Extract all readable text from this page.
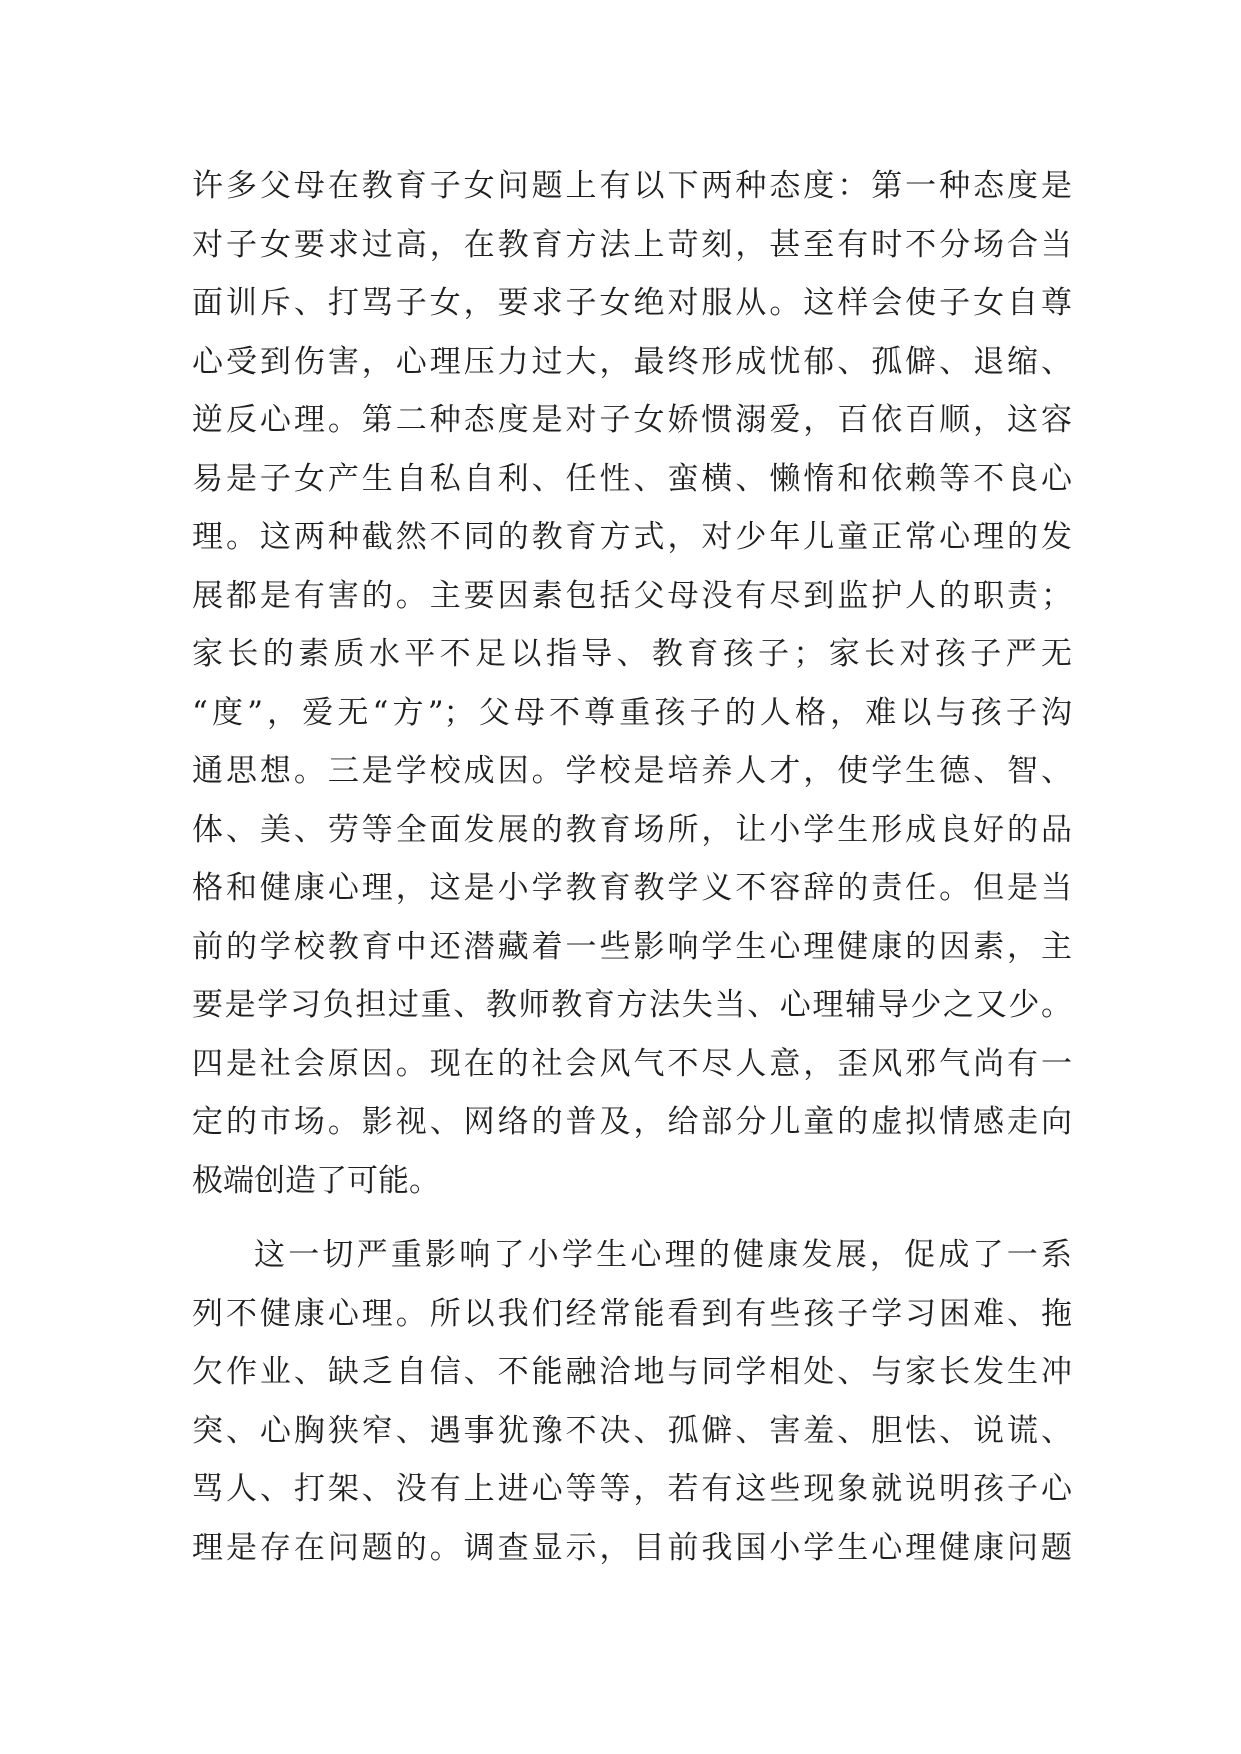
许多父母在教育子女问题上有以下两种态度：第一种态度是
对子女要求过高，在教育方法上苛刻，甚至有时不分场合当
面训斥、打骂子女，要求子女绝对服从。这样会使子女自尊
心受到伤害，心理压力过大，最终形成忧郁、孤僻、退缩、
逆反心理。第二种态度是对子女娇惯溺爱，百依百顺，这容
易是子女产生自私自利、任性、蛮横、懒惰和依赖等不良心
理。这两种截然不同的教育方式，对少年儿童正常心理的发
展都是有害的。主要因素包括父母没有尽到监护人的职责；
家长的素质水平不足以指导、教育孩子；家长对孩子严无
“度”，爱无“方”；父母不尊重孩子的人格，难以与孩子沟
通思想。三是学校成因。学校是培养人才，使学生德、智、
体、美、劳等全面发展的教育场所，让小学生形成良好的品
格和健康心理，这是小学教育教学义不容辞的责任。但是当
前的学校教育中还潜藏着一些影响学生心理健康的因素，主
要是学习负担过重、教师教育方法失当、心理辅导少之又少。
四是社会原因。现在的社会风气不尽人意，歪风邪气尚有一
定的市场。影视、网络的普及，给部分儿童的虚拟情感走向
极端创造了可能。
这一切严重影响了小学生心理的健康发展，促成了一系
列不健康心理。所以我们经常能看到有些孩子学习困难、拖
欠作业、缺乏自信、不能融洽地与同学相处、与家长发生冲
突、心胸狭窄、遇事犹豫不决、孤僻、害羞、胆怯、说谎、
骂人、打架、没有上进心等等，若有这些现象就说明孩子心
理是存在问题的。调查显示，目前我国小学生心理健康问题
